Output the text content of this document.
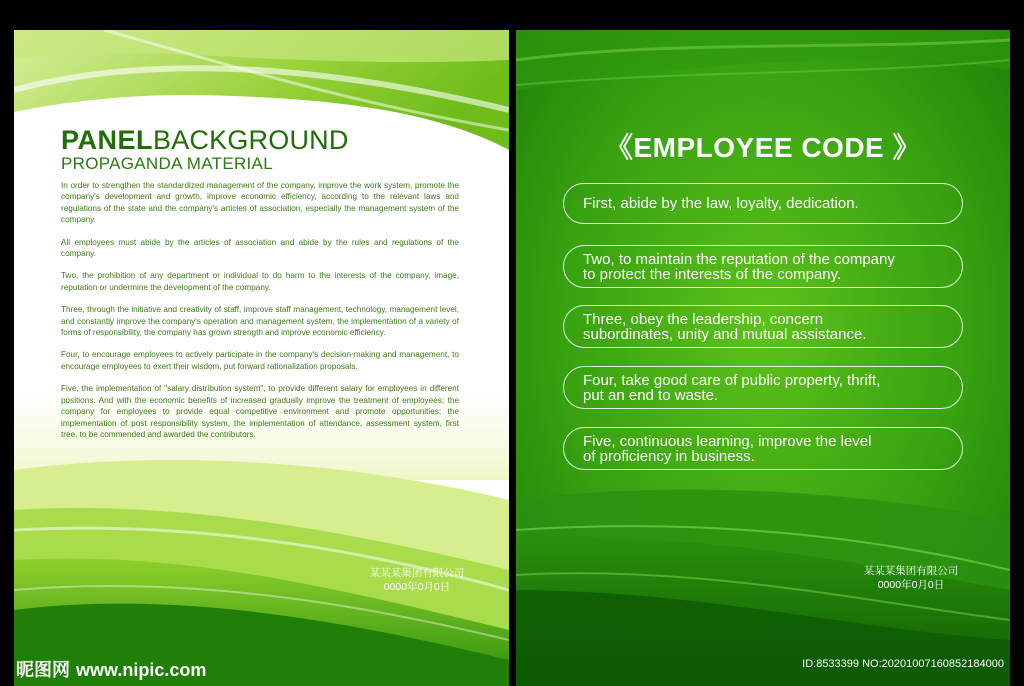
PANELBACKGROUND
PROPAGANDA MATERIAL

In order to strengthen the standardized management of the company, improve the work system, promote the company's development and growth, improve economic efficiency, according to the relevant laws and regulations of the state and the company's articles of association, especially the management system of the company.

All employees must abide by the articles of association and abide by the rules and regulations of the company.

Two, the prohibition of any department or individual to do harm to the interests of the company, image, reputation or undermine the development of the company.

Three, through the initiative and creativity of staff, improve staff management, technology, management level, and constantly improve the company's operation and management system, the implementation of a variety of forms of responsibility, the company has grown strength and improve economic efficiency.

Four, to encourage employees to actively participate in the company's decision-making and management, to encourage employees to exert their wisdom, put forward rationalization proposals.

Five, the implementation of "salary distribution system", to provide different salary for employees in different positions. And with the economic benefits of increased gradually improve the treatment of employees; the company for employees to provide equal competitive environment and promote opportunities; the implementation of post responsibility system, the implementation of attendance, assessment system, first tree, to be commended and awarded the contributors.

某某某集团有限公司
0000年0月0日
《EMPLOYEE CODE 》
First, abide by the law, loyalty, dedication.
Two, to maintain the reputation of the company
to protect the interests of the company.
Three, obey the leadership, concern
subordinates, unity and mutual assistance.
Four, take good care of public property, thrift,
put an end to waste.
Five, continuous learning, improve the level
of proficiency in business.
某某某集团有限公司
0000年0月0日
昵图网 www.nipic.com	ID:8533399 NO:20201007160852184000
